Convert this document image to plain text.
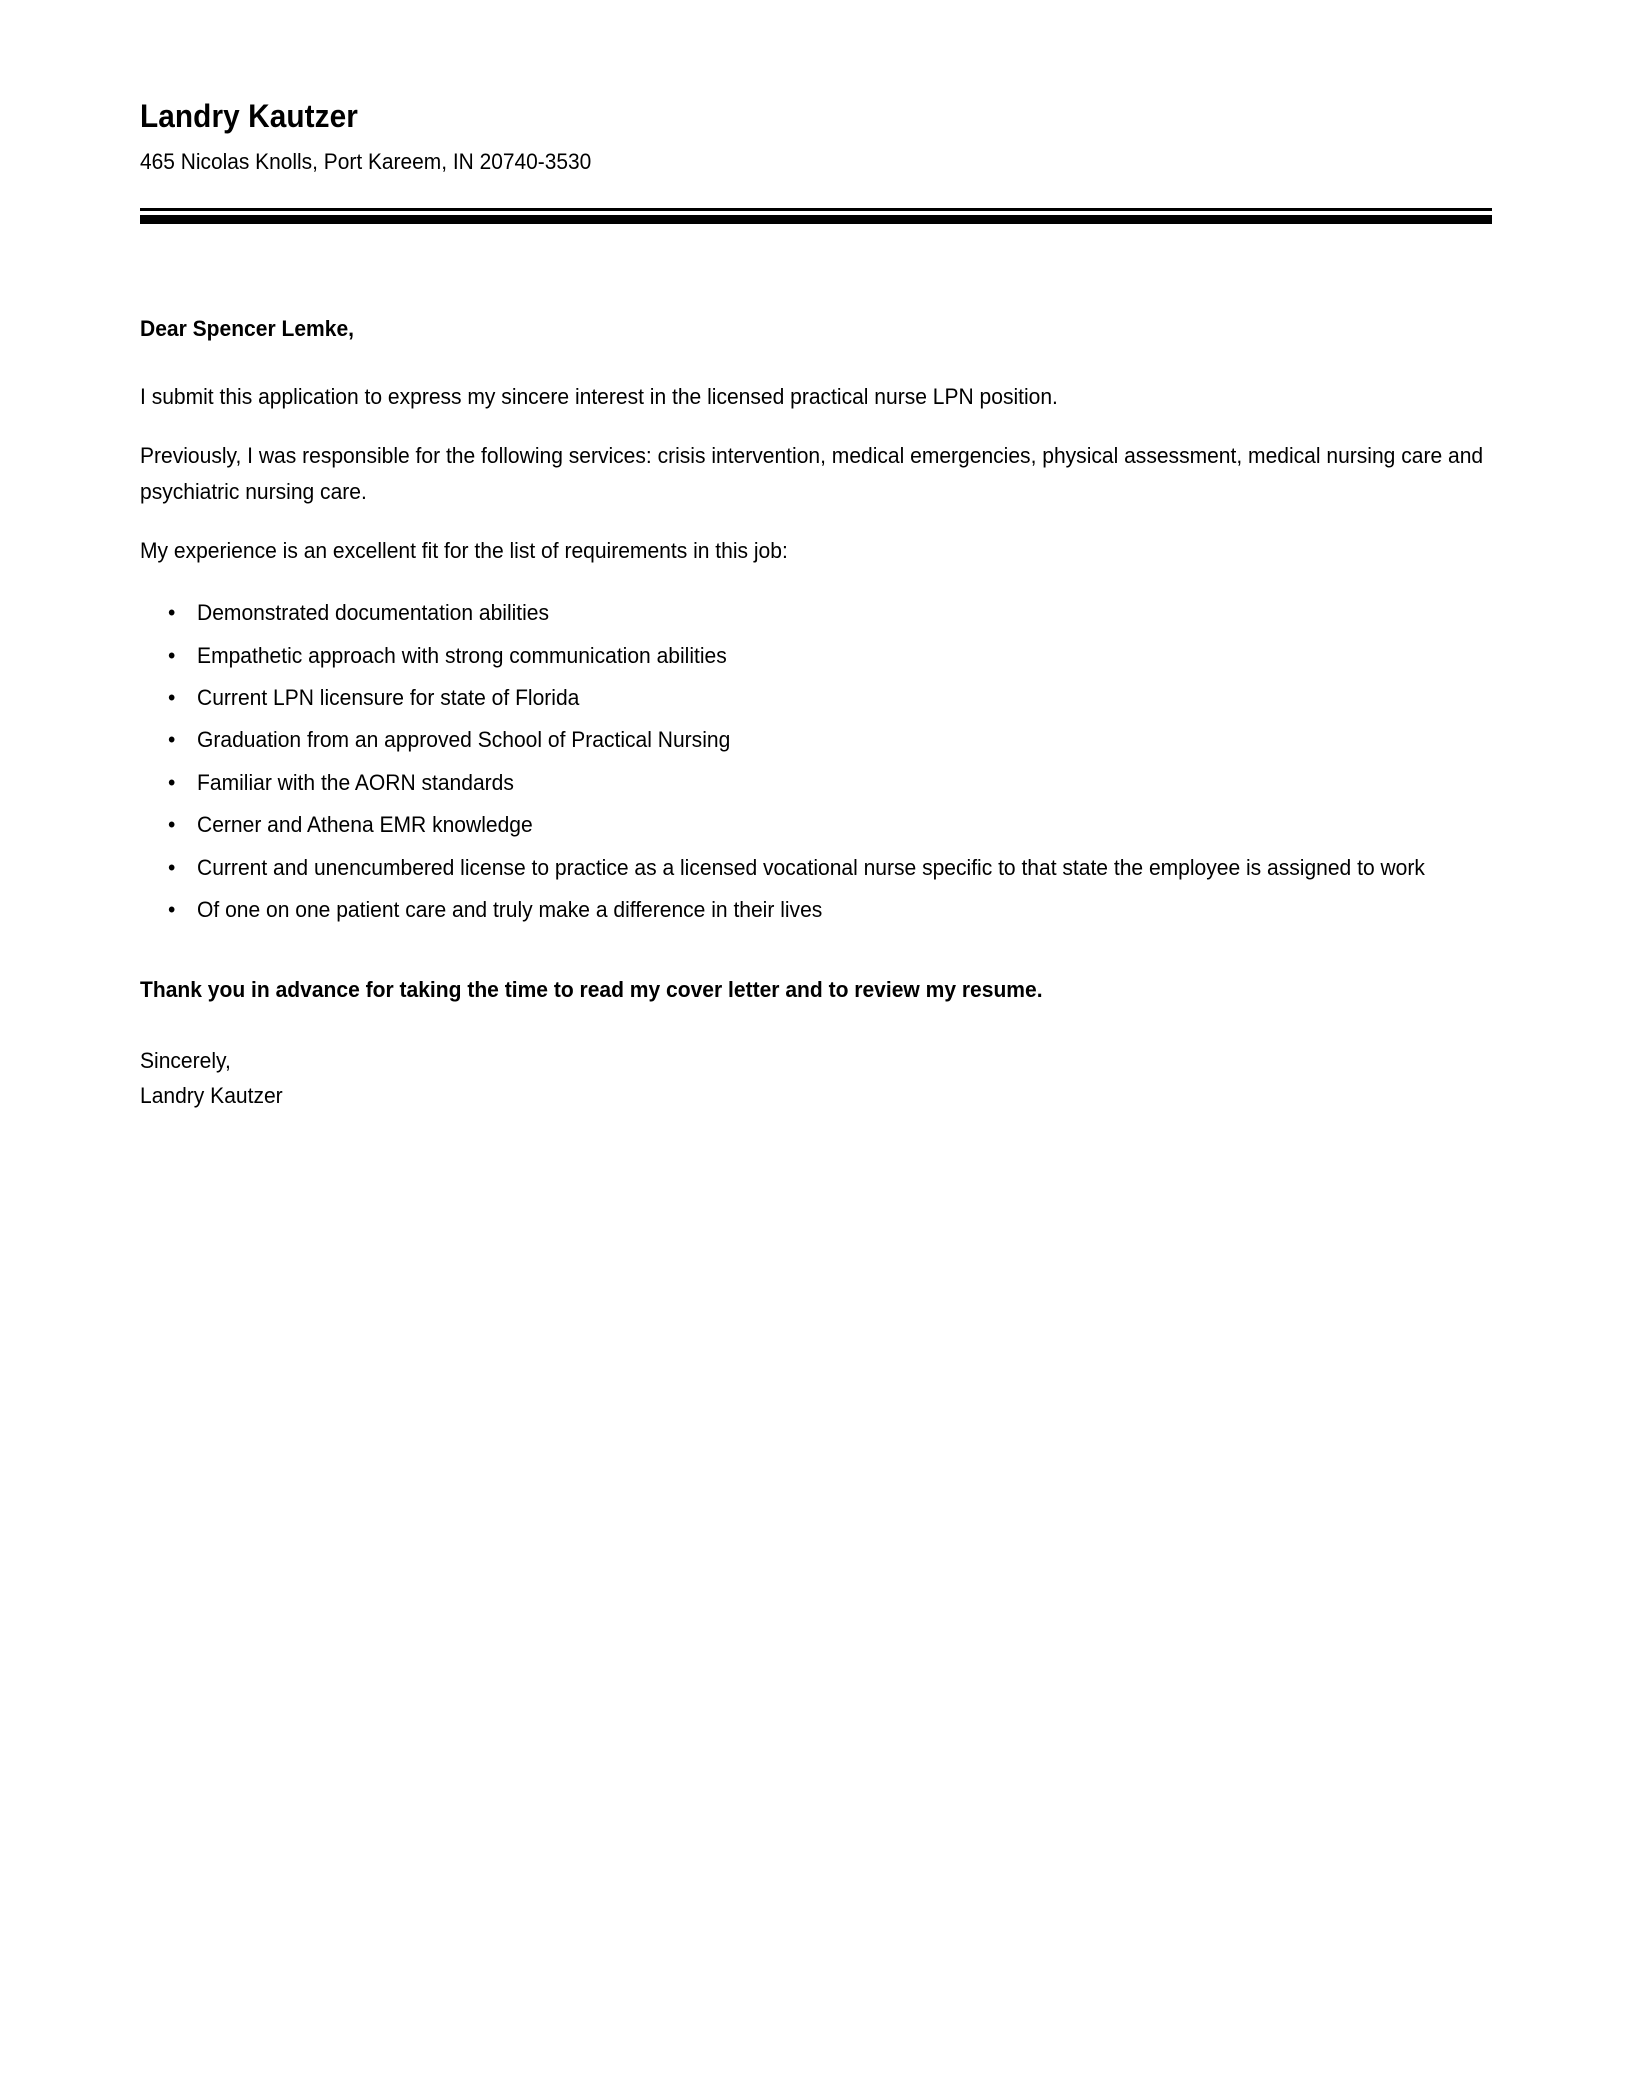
Landry Kautzer

465 Nicolas Knolls, Port Kareem, IN 20740-3530

Dear Spencer Lemke,

I submit this application to express my sincere interest in the licensed practical nurse LPN position.

Previously, I was responsible for the following services: crisis intervention, medical emergencies, physical assessment, medical nursing care and psychiatric nursing care.

My experience is an excellent fit for the list of requirements in this job:

• Demonstrated documentation abilities
• Empathetic approach with strong communication abilities
• Current LPN licensure for state of Florida
• Graduation from an approved School of Practical Nursing
• Familiar with the AORN standards
• Cerner and Athena EMR knowledge
• Current and unencumbered license to practice as a licensed vocational nurse specific to that state the employee is assigned to work
• Of one on one patient care and truly make a difference in their lives

Thank you in advance for taking the time to read my cover letter and to review my resume.

Sincerely,

Landry Kautzer
